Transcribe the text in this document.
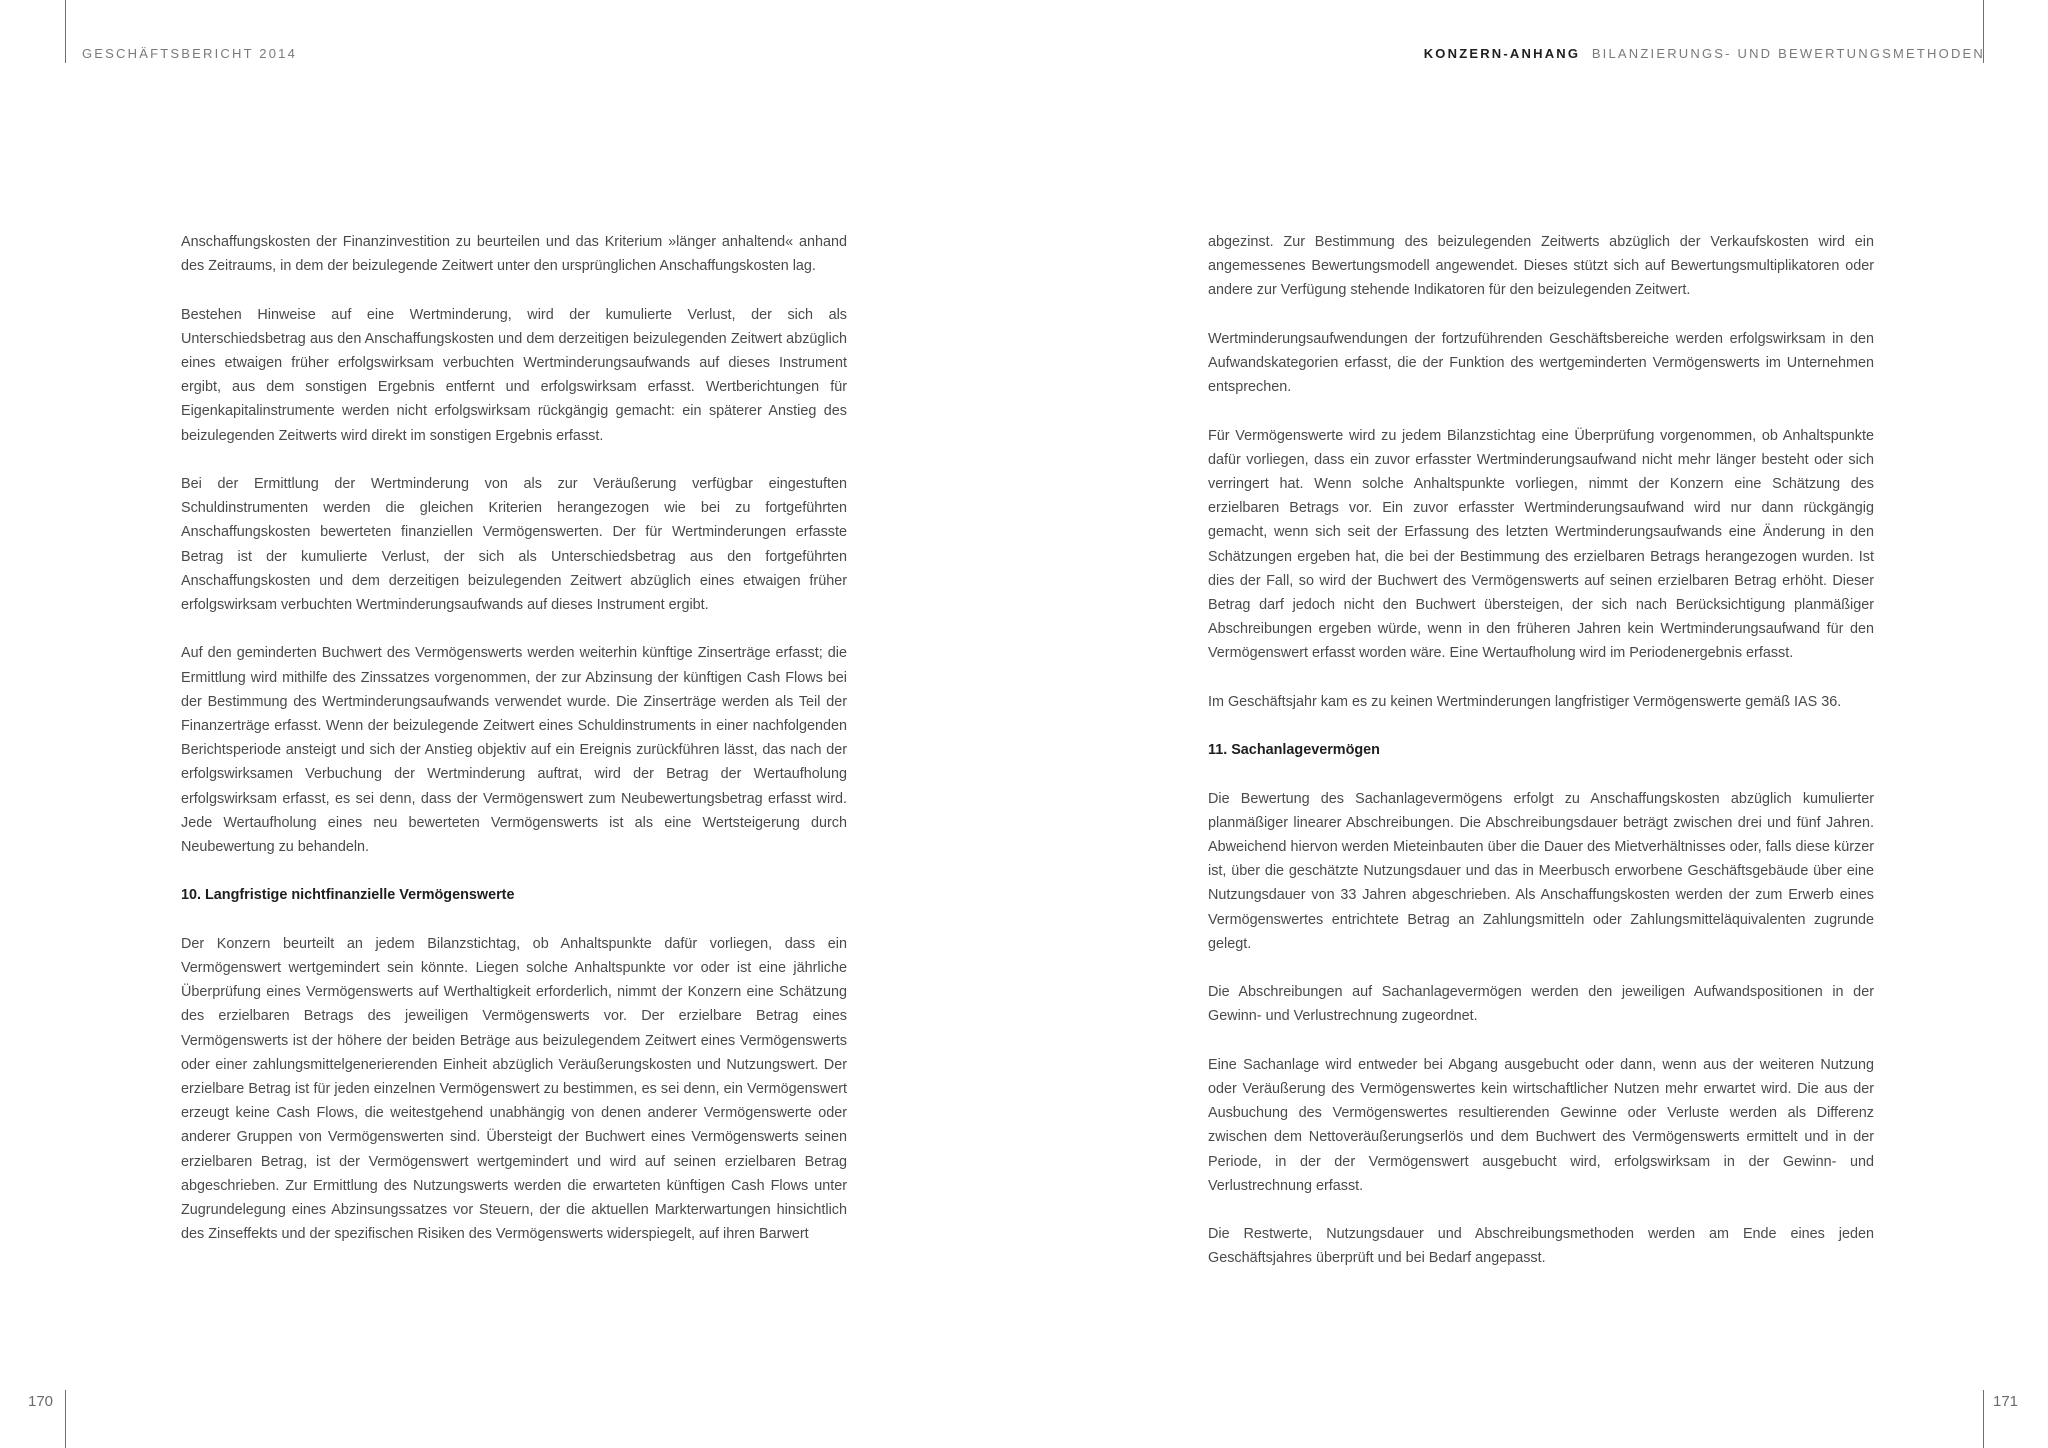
GESCHÄFTSBERICHT 2014	KONZERN-ANHANG BILANZIERUNGS- UND BEWERTUNGSMETHODEN
170	171

Anschaffungskosten der Finanzinvestition zu beurteilen und das Kriterium »länger anhaltend« anhand des Zeitraums, in dem der beizulegende Zeitwert unter den ursprünglichen Anschaffungskosten lag.

Bestehen Hinweise auf eine Wertminderung, wird der kumulierte Verlust, der sich als Unterschiedsbetrag aus den Anschaffungskosten und dem derzeitigen beizulegenden Zeitwert abzüglich eines etwaigen früher erfolgswirksam verbuchten Wertminderungsaufwands auf dieses Instrument ergibt, aus dem sonstigen Ergebnis entfernt und erfolgswirksam erfasst. Wertberichtungen für Eigenkapitalinstrumente werden nicht erfolgswirksam rückgängig gemacht: ein späterer Anstieg des beizulegenden Zeitwerts wird direkt im sonstigen Ergebnis erfasst.

Bei der Ermittlung der Wertminderung von als zur Veräußerung verfügbar eingestuften Schuldinstrumenten werden die gleichen Kriterien herangezogen wie bei zu fortgeführten Anschaffungskosten bewerteten finanziellen Vermögenswerten. Der für Wertminderungen erfasste Betrag ist der kumulierte Verlust, der sich als Unterschiedsbetrag aus den fortgeführten Anschaffungskosten und dem derzeitigen beizulegenden Zeitwert abzüglich eines etwaigen früher erfolgswirksam verbuchten Wertminderungsaufwands auf dieses Instrument ergibt.

Auf den geminderten Buchwert des Vermögenswerts werden weiterhin künftige Zinserträge erfasst; die Ermittlung wird mithilfe des Zinssatzes vorgenommen, der zur Abzinsung der künftigen Cash Flows bei der Bestimmung des Wertminderungsaufwands verwendet wurde. Die Zinserträge werden als Teil der Finanzerträge erfasst. Wenn der beizulegende Zeitwert eines Schuldinstruments in einer nachfolgenden Berichtsperiode ansteigt und sich der Anstieg objektiv auf ein Ereignis zurückführen lässt, das nach der erfolgswirksamen Verbuchung der Wertminderung auftrat, wird der Betrag der Wertaufholung erfolgswirksam erfasst, es sei denn, dass der Vermögenswert zum Neubewertungsbetrag erfasst wird. Jede Wertaufholung eines neu bewerteten Vermögenswerts ist als eine Wertsteigerung durch Neubewertung zu behandeln.

10. Langfristige nichtfinanzielle Vermögenswerte

Der Konzern beurteilt an jedem Bilanzstichtag, ob Anhaltspunkte dafür vorliegen, dass ein Vermögenswert wertgemindert sein könnte. Liegen solche Anhaltspunkte vor oder ist eine jährliche Überprüfung eines Vermögenswerts auf Werthaltigkeit erforderlich, nimmt der Konzern eine Schätzung des erzielbaren Betrags des jeweiligen Vermögenswerts vor. Der erzielbare Betrag eines Vermögenswerts ist der höhere der beiden Beträge aus beizulegendem Zeitwert eines Vermögenswerts oder einer zahlungsmittelgenerierenden Einheit abzüglich Veräußerungskosten und Nutzungswert. Der erzielbare Betrag ist für jeden einzelnen Vermögenswert zu bestimmen, es sei denn, ein Vermögenswert erzeugt keine Cash Flows, die weitestgehend unabhängig von denen anderer Vermögenswerte oder anderer Gruppen von Vermögenswerten sind. Übersteigt der Buchwert eines Vermögenswerts seinen erzielbaren Betrag, ist der Vermögenswert wertgemindert und wird auf seinen erzielbaren Betrag abgeschrieben. Zur Ermittlung des Nutzungswerts werden die erwarteten künftigen Cash Flows unter Zugrundelegung eines Abzinsungssatzes vor Steuern, der die aktuellen Markterwartungen hinsichtlich des Zinseffekts und der spezifischen Risiken des Vermögenswerts widerspiegelt, auf ihren Barwert

abgezinst. Zur Bestimmung des beizulegenden Zeitwerts abzüglich der Verkaufskosten wird ein angemessenes Bewertungsmodell angewendet. Dieses stützt sich auf Bewertungsmultiplikatoren oder andere zur Verfügung stehende Indikatoren für den beizulegenden Zeitwert.

Wertminderungsaufwendungen der fortzuführenden Geschäftsbereiche werden erfolgswirksam in den Aufwandskategorien erfasst, die der Funktion des wertgeminderten Vermögenswerts im Unternehmen entsprechen.

Für Vermögenswerte wird zu jedem Bilanzstichtag eine Überprüfung vorgenommen, ob Anhaltspunkte dafür vorliegen, dass ein zuvor erfasster Wertminderungsaufwand nicht mehr länger besteht oder sich verringert hat. Wenn solche Anhaltspunkte vorliegen, nimmt der Konzern eine Schätzung des erzielbaren Betrags vor. Ein zuvor erfasster Wertminderungsaufwand wird nur dann rückgängig gemacht, wenn sich seit der Erfassung des letzten Wertminderungsaufwands eine Änderung in den Schätzungen ergeben hat, die bei der Bestimmung des erzielbaren Betrags herangezogen wurden. Ist dies der Fall, so wird der Buchwert des Vermögenswerts auf seinen erzielbaren Betrag erhöht. Dieser Betrag darf jedoch nicht den Buchwert übersteigen, der sich nach Berücksichtigung planmäßiger Abschreibungen ergeben würde, wenn in den früheren Jahren kein Wertminderungsaufwand für den Vermögenswert erfasst worden wäre. Eine Wertaufholung wird im Periodenergebnis erfasst.

Im Geschäftsjahr kam es zu keinen Wertminderungen langfristiger Vermögenswerte gemäß IAS 36.

11. Sachanlagevermögen

Die Bewertung des Sachanlagevermögens erfolgt zu Anschaffungskosten abzüglich kumulierter planmäßiger linearer Abschreibungen. Die Abschreibungsdauer beträgt zwischen drei und fünf Jahren. Abweichend hiervon werden Mieteinbauten über die Dauer des Mietverhältnisses oder, falls diese kürzer ist, über die geschätzte Nutzungsdauer und das in Meerbusch erworbene Geschäftsgebäude über eine Nutzungsdauer von 33 Jahren abgeschrieben. Als Anschaffungskosten werden der zum Erwerb eines Vermögenswertes entrichtete Betrag an Zahlungsmitteln oder Zahlungsmitteläquivalenten zugrunde gelegt.

Die Abschreibungen auf Sachanlagevermögen werden den jeweiligen Aufwandspositionen in der Gewinn- und Verlustrechnung zugeordnet.

Eine Sachanlage wird entweder bei Abgang ausgebucht oder dann, wenn aus der weiteren Nutzung oder Veräußerung des Vermögenswertes kein wirtschaftlicher Nutzen mehr erwartet wird. Die aus der Ausbuchung des Vermögenswertes resultierenden Gewinne oder Verluste werden als Differenz zwischen dem Nettoveräußerungserlös und dem Buchwert des Vermögenswerts ermittelt und in der Periode, in der der Vermögenswert ausgebucht wird, erfolgswirksam in der Gewinn- und Verlustrechnung erfasst.

Die Restwerte, Nutzungsdauer und Abschreibungsmethoden werden am Ende eines jeden Geschäftsjahres überprüft und bei Bedarf angepasst.
